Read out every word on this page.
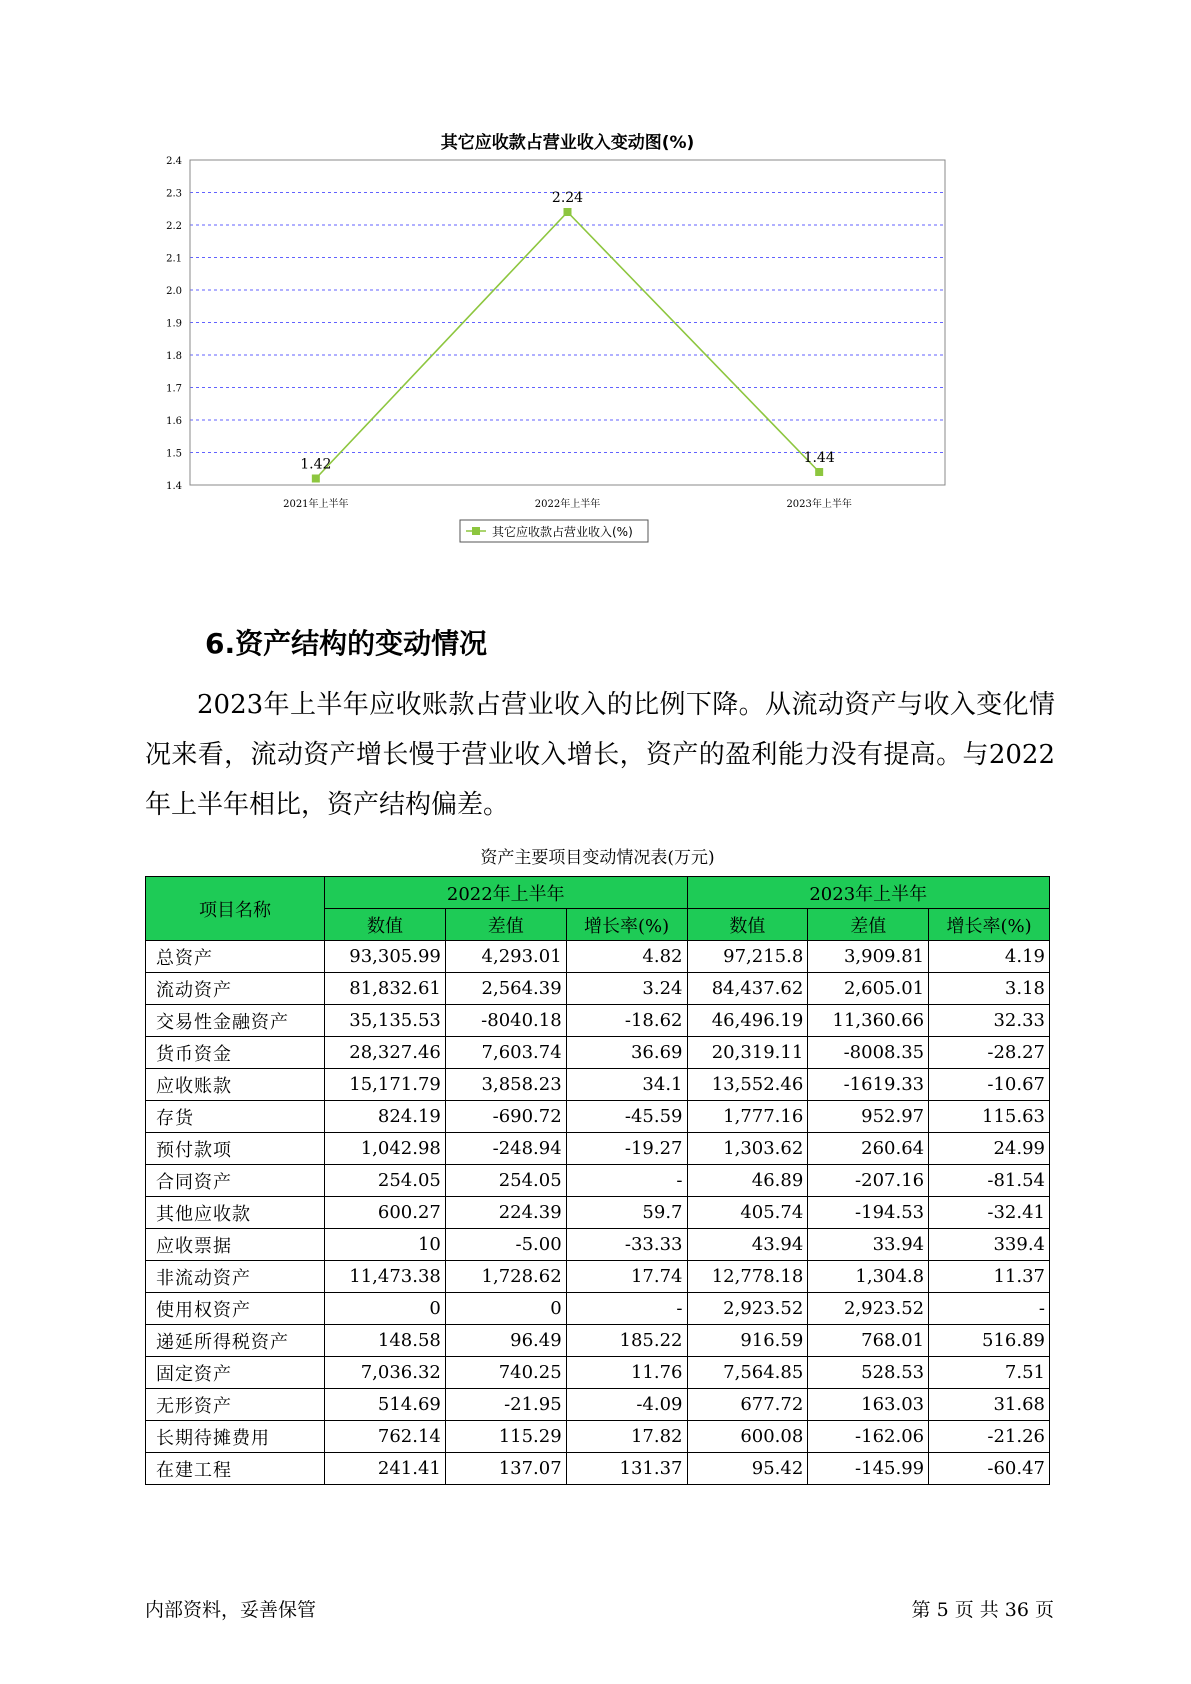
其它应收款占营业收入变动图(%)
1.4
1.5
1.6
1.7
1.8
1.9
2.0
2.1
2.2
2.3
2.4
2021年上半年	2022年上半年	2023年上半年
1.42
2.24
1.44
其它应收款占营业收入(%)
6.资产结构的变动情况

2023年上半年应收账款占营业收入的比例下降。从流动资产与收入变化情况来看，流动资产增长慢于营业收入增长，资产的盈利能力没有提高。与2022年上半年相比，资产结构偏差。

资产主要项目变动情况表(万元)
项目名称	2022年上半年			2023年上半年		
	数值	差值	增长率(%)	数值	差值	增长率(%)
总资产	93,305.99	4,293.01	4.82	97,215.8	3,909.81	4.19
流动资产	81,832.61	2,564.39	3.24	84,437.62	2,605.01	3.18
交易性金融资产	35,135.53	-8040.18	-18.62	46,496.19	11,360.66	32.33
货币资金	28,327.46	7,603.74	36.69	20,319.11	-8008.35	-28.27
应收账款	15,171.79	3,858.23	34.1	13,552.46	-1619.33	-10.67
存货	824.19	-690.72	-45.59	1,777.16	952.97	115.63
预付款项	1,042.98	-248.94	-19.27	1,303.62	260.64	24.99
合同资产	254.05	254.05	-	46.89	-207.16	-81.54
其他应收款	600.27	224.39	59.7	405.74	-194.53	-32.41
应收票据	10	-5.00	-33.33	43.94	33.94	339.4
非流动资产	11,473.38	1,728.62	17.74	12,778.18	1,304.8	11.37
使用权资产	0	0	-	2,923.52	2,923.52	-
递延所得税资产	148.58	96.49	185.22	916.59	768.01	516.89
固定资产	7,036.32	740.25	11.76	7,564.85	528.53	7.51
无形资产	514.69	-21.95	-4.09	677.72	163.03	31.68
长期待摊费用	762.14	115.29	17.82	600.08	-162.06	-21.26
在建工程	241.41	137.07	131.37	95.42	-145.99	-60.47
内部资料，妥善保管	第 5 页 共 36 页
